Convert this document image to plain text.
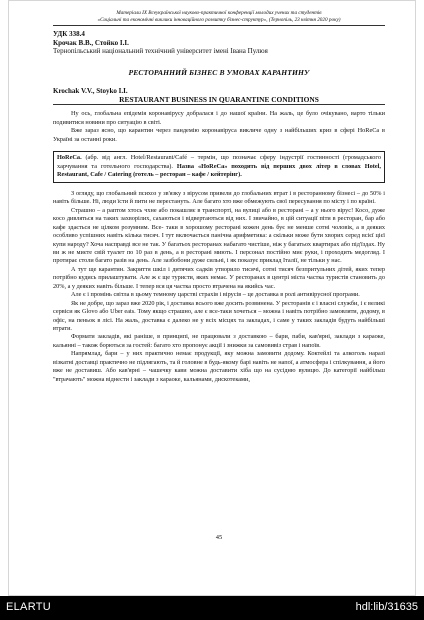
Матеріали ІХ Всеукраїнської науково-практичної конференції молодих учених та студентів
«Соціальні та економічні виклики інноваційного розвитку бізнес-структур», (Тернопіль, 23 квітня 2020 року)
УДК 338.4
Крочак В.В., Стойко І.І.
Тернопільський національний технічний університет імені Івана Пулюя
РЕСТОРАННИЙ БІЗНЕС В УМОВАХ КАРАНТИНУ
Krochak V.V., Stoyko I.I.
RESTAURANT BUSINESS IN QUARANTINE CONDITIONS

Ну ось, глобальна епідемія коронавірусу добралася і до нашої країни. На жаль, це було очікувано, варто тільки подивитися новини про ситуацію в світі.

Вже зараз ясно, що карантин через пандемію коронавіруса викличе одну з найбільших криз в сфері HoReCa в Україні за останні роки.

HoReCa. (абр. від англ. Hotel/Restaurant/Café – термін, що позначає сферу індустрії гостинності (громадського харчування та готельного господарства). Назва «HoReCa» походить від перших двох літер в словах Hotel, Restaurant, Cafe / Catering (готель – ресторан – кафе / кейтерінг).

З огляду, що глобальний психоз у зв'язку з вірусом привели до глобальних втрат і в ресторанному бізнесі – до 50% і навіть більше. Ні, люди їсти й пити не перестануть. Але багато хто вже обмежують свої пересування по місту і по країні.

Страшно – а раптом хтось чхне або покашляє в транспорті, на вулиці або в ресторані – а у нього вірус! Косо, дуже косо дивляться на таких захворілих, сахаються і відвертаються від них. І звичайно, в цій ситуації піти в ресторан, бар або кафе здається не цілком розумним. Все- таки в хорошому ресторані кожен день бує не менше сотні чоловік, а в деяких особливо успішних навіть кілька тисяч. І тут включається панічна арифметика: а скільки може бути хворих серед всієї цієї купи народу? Хоча насправді все не так. У багатьох ресторанах набагато чистіше, ніж у багатьох квартирах або під'їздах. Ну ви ж не миєте свій туалет по 10 раз в день, а в ресторані миють. І персонал постійно миє руки, і проходить медогляд. І протирає столи багато разів на день. Але зазбобони дуже сильні, і як показує приклад Італії, не тільки у нас.

А тут ще карантин. Закриття шкіл і дитячих садків утворило тисячі, сотні тисяч безпритульних дітей, яких тепер потрібно кудись прилаштувати. Але ж є ще туристи, яких немає. У ресторанах в центрі міста частка туристів становить до 20%, а у деяких навіть більше. І тепер вся ця частка просто втрачена на якийсь час.

Але є і промінь світла в цьому темному царстві страхів і вірусів – це доставка в ролі антивірусної програми.

Як не добре, що зараз вже 2020 рік, і доставка всього вже досить розвинена. У ресторанів є і власні служби, і є великі сервіси як Glovo або Uber eats. Тому якщо страшно, але є все-таки хочеться – можна і навіть потрібно замовляти, додому, в офіс, на пеньок в лісі. На жаль, доставка є далеко не у всіх місцях та закладах, і саме у таких закладів будуть найбільші втрати.

Формати закладів, які раніше, в принципі, не працювали з доставкою – бари, паби, кав'ярні, заклади з караоке, кальянні – також борються за гостей: багато хто пропонує акції і знижки за самовивіз страв і напоїв.

Напрямлад, бари – у них практично немає продукції, яку можна замовити додому. Коктейлі та алкоголь наразі візкатні доставці практично не підлягають, та й головне в будь-якому барі навіть не напої, а атмосфера і спілкування, а його вже не доставиш. Або кав'ярні – чашечку кави можна доставити хіба що на сусідню вулицю. До категорії найбільш "втрачають" можна віднести і заклади з караоке, кальянами, дискотеками,

45
ELARTU	hdl:lib/31635
